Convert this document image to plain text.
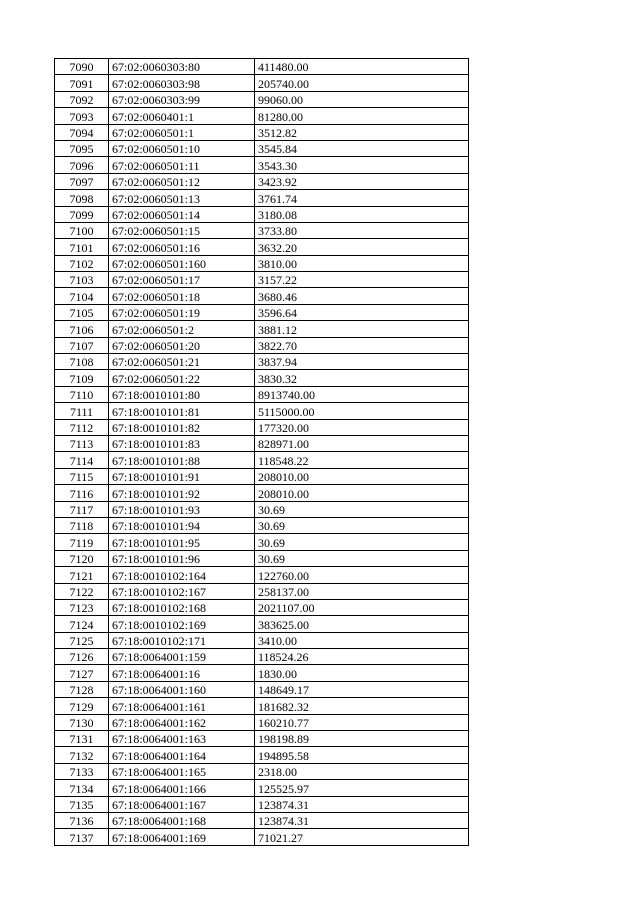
7090	67:02:0060303:80	411480.00
7091	67:02:0060303:98	205740.00
7092	67:02:0060303:99	99060.00
7093	67:02:0060401:1	81280.00
7094	67:02:0060501:1	3512.82
7095	67:02:0060501:10	3545.84
7096	67:02:0060501:11	3543.30
7097	67:02:0060501:12	3423.92
7098	67:02:0060501:13	3761.74
7099	67:02:0060501:14	3180.08
7100	67:02:0060501:15	3733.80
7101	67:02:0060501:16	3632.20
7102	67:02:0060501:160	3810.00
7103	67:02:0060501:17	3157.22
7104	67:02:0060501:18	3680.46
7105	67:02:0060501:19	3596.64
7106	67:02:0060501:2	3881.12
7107	67:02:0060501:20	3822.70
7108	67:02:0060501:21	3837.94
7109	67:02:0060501:22	3830.32
7110	67:18:0010101:80	8913740.00
7111	67:18:0010101:81	5115000.00
7112	67:18:0010101:82	177320.00
7113	67:18:0010101:83	828971.00
7114	67:18:0010101:88	118548.22
7115	67:18:0010101:91	208010.00
7116	67:18:0010101:92	208010.00
7117	67:18:0010101:93	30.69
7118	67:18:0010101:94	30.69
7119	67:18:0010101:95	30.69
7120	67:18:0010101:96	30.69
7121	67:18:0010102:164	122760.00
7122	67:18:0010102:167	258137.00
7123	67:18:0010102:168	2021107.00
7124	67:18:0010102:169	383625.00
7125	67:18:0010102:171	3410.00
7126	67:18:0064001:159	118524.26
7127	67:18:0064001:16	1830.00
7128	67:18:0064001:160	148649.17
7129	67:18:0064001:161	181682.32
7130	67:18:0064001:162	160210.77
7131	67:18:0064001:163	198198.89
7132	67:18:0064001:164	194895.58
7133	67:18:0064001:165	2318.00
7134	67:18:0064001:166	125525.97
7135	67:18:0064001:167	123874.31
7136	67:18:0064001:168	123874.31
7137	67:18:0064001:169	71021.27
